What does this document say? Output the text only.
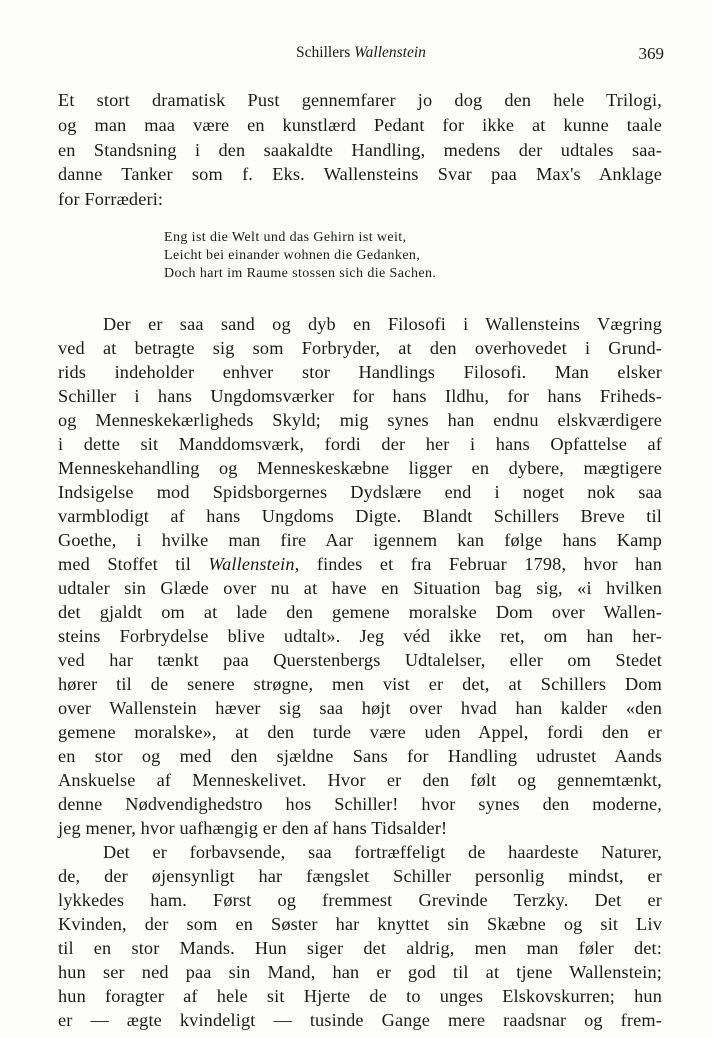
Schillers Wallenstein	369
Et stort dramatisk Pust gennemfarer jo dog den hele Trilogi,
og man maa være en kunstlærd Pedant for ikke at kunne taale
en Standsning i den saakaldte Handling, medens der udtales saa-
danne Tanker som f. Eks. Wallensteins Svar paa Max's Anklage
for Forræderi:
Eng ist die Welt und das Gehirn ist weit,
Leicht bei einander wohnen die Gedanken,
Doch hart im Raume stossen sich die Sachen.
Der er saa sand og dyb en Filosofi i Wallensteins Vægring
ved at betragte sig som Forbryder, at den overhovedet i Grund-
rids indeholder enhver stor Handlings Filosofi. Man elsker
Schiller i hans Ungdomsværker for hans Ildhu, for hans Friheds-
og Menneskekærligheds Skyld; mig synes han endnu elskværdigere
i dette sit Manddomsværk, fordi der her i hans Opfattelse af
Menneskehandling og Menneskeskæbne ligger en dybere, mægtigere
Indsigelse mod Spidsborgernes Dydslære end i noget nok saa
varmblodigt af hans Ungdoms Digte. Blandt Schillers Breve til
Goethe, i hvilke man fire Aar igennem kan følge hans Kamp
med Stoffet til Wallenstein, findes et fra Februar 1798, hvor han
udtaler sin Glæde over nu at have en Situation bag sig, «i hvilken
det gjaldt om at lade den gemene moralske Dom over Wallen-
steins Forbrydelse blive udtalt». Jeg véd ikke ret, om han her-
ved har tænkt paa Querstenbergs Udtalelser, eller om Stedet
hører til de senere strøgne, men vist er det, at Schillers Dom
over Wallenstein hæver sig saa højt over hvad han kalder «den
gemene moralske», at den turde være uden Appel, fordi den er
en stor og med den sjældne Sans for Handling udrustet Aands
Anskuelse af Menneskelivet. Hvor er den følt og gennemtænkt,
denne Nødvendighedstro hos Schiller! hvor synes den moderne,
jeg mener, hvor uafhængig er den af hans Tidsalder!
Det er forbavsende, saa fortræffeligt de haardeste Naturer,
de, der øjensynligt har fængslet Schiller personlig mindst, er
lykkedes ham. Først og fremmest Grevinde Terzky. Det er
Kvinden, der som en Søster har knyttet sin Skæbne og sit Liv
til en stor Mands. Hun siger det aldrig, men man føler det:
hun ser ned paa sin Mand, han er god til at tjene Wallenstein;
hun foragter af hele sit Hjerte de to unges Elskovskurren; hun
er — ægte kvindeligt — tusinde Gange mere raadsnar og frem-
